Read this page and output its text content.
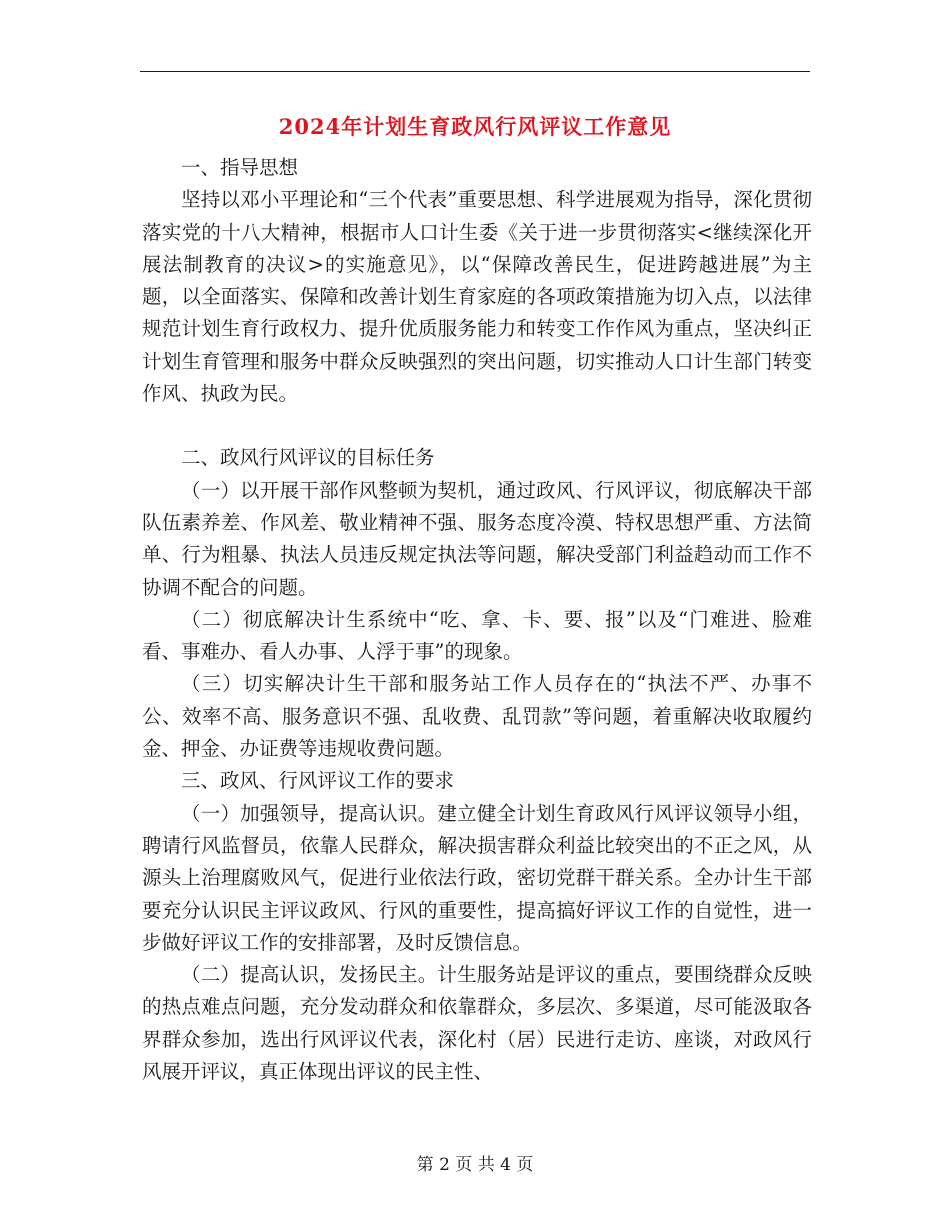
2024年计划生育政风行风评议工作意见

一、指导思想

坚持以邓小平理论和“三个代表”重要思想、科学进展观为指导，深化贯彻落实党的十八大精神，根据市人口计生委《关于进一步贯彻落实<继续深化开展法制教育的决议>的实施意见》，以“保障改善民生，促进跨越进展”为主题，以全面落实、保障和改善计划生育家庭的各项政策措施为切入点，以法律规范计划生育行政权力、提升优质服务能力和转变工作作风为重点，坚决纠正计划生育管理和服务中群众反映强烈的突出问题，切实推动人口计生部门转变作风、执政为民。

二、政风行风评议的目标任务

（一）以开展干部作风整顿为契机，通过政风、行风评议，彻底解决干部队伍素养差、作风差、敬业精神不强、服务态度冷漠、特权思想严重、方法简单、行为粗暴、执法人员违反规定执法等问题，解决受部门利益趋动而工作不协调不配合的问题。

（二）彻底解决计生系统中“吃、拿、卡、要、报”以及“门难进、脸难看、事难办、看人办事、人浮于事”的现象。

（三）切实解决计生干部和服务站工作人员存在的“执法不严、办事不公、效率不高、服务意识不强、乱收费、乱罚款”等问题，着重解决收取履约金、押金、办证费等违规收费问题。

三、政风、行风评议工作的要求

（一）加强领导，提高认识。建立健全计划生育政风行风评议领导小组，聘请行风监督员，依靠人民群众，解决损害群众利益比较突出的不正之风，从源头上治理腐败风气，促进行业依法行政，密切党群干群关系。全办计生干部要充分认识民主评议政风、行风的重要性，提高搞好评议工作的自觉性，进一步做好评议工作的安排部署，及时反馈信息。

（二）提高认识，发扬民主。计生服务站是评议的重点，要围绕群众反映的热点难点问题，充分发动群众和依靠群众，多层次、多渠道，尽可能汲取各界群众参加，选出行风评议代表，深化村（居）民进行走访、座谈，对政风行风展开评议，真正体现出评议的民主性、

第 2 页 共 4 页
